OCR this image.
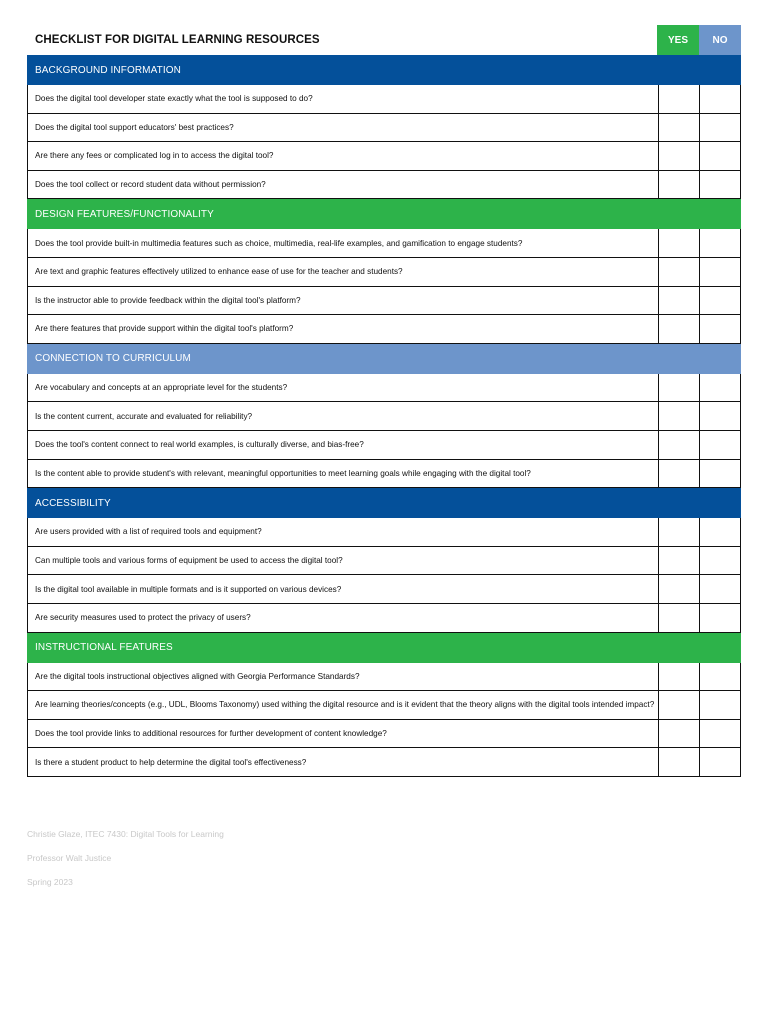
CHECKLIST FOR DIGITAL LEARNING RESOURCES	YES	NO
BACKGROUND INFORMATION
Does the digital tool developer state exactly what the tool is supposed to do?
Does the digital tool support educators' best practices?
Are there any fees or complicated log in to access the digital tool?
Does the tool collect or record student data without permission?
DESIGN FEATURES/FUNCTIONALITY
Does the tool provide built-in multimedia features such as choice, multimedia, real-life examples, and gamification to engage students?
Are text and graphic features effectively utilized to enhance ease of use for the teacher and students?
Is the instructor able to provide feedback within the digital tool's platform?
Are there features that provide support within the digital tool's platform?
CONNECTION TO CURRICULUM
Are vocabulary and concepts at an appropriate level for the students?
Is the content current, accurate and evaluated for reliability?
Does the tool's content connect to real world examples, is culturally diverse, and bias-free?
Is the content able to provide student's with relevant, meaningful opportunities to meet learning goals while engaging with the digital tool?
ACCESSIBILITY
Are users provided with a list of required tools and equipment?
Can multiple tools and various forms of equipment be used to access the digital tool?
Is the digital tool available in multiple formats and is it supported on various devices?
Are security measures used to protect the privacy of users?
INSTRUCTIONAL FEATURES
Are the digital tools instructional objectives aligned with Georgia Performance Standards?
Are learning theories/concepts (e.g., UDL, Blooms Taxonomy) used withing the digital resource and is it evident that the theory aligns with the digital tools intended impact?
Does the tool provide links to additional resources for further development of content knowledge?
Is there a student product to help determine the digital tool's effectiveness?
Christie Glaze, ITEC 7430: Digital Tools for Learning
Professor Walt Justice
Spring 2023
